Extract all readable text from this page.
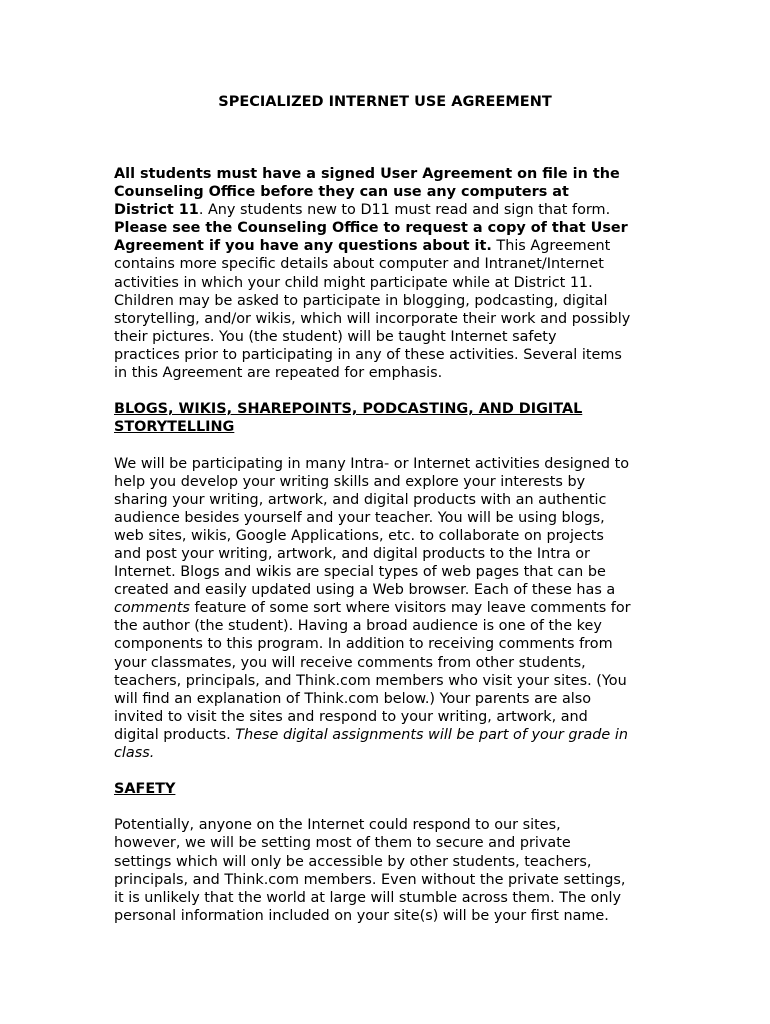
SPECIALIZED INTERNET USE AGREEMENT
All students must have a signed User Agreement on file in the
Counseling Office before they can use any computers at
District 11. Any students new to D11 must read and sign that form.
Please see the Counseling Office to request a copy of that User
Agreement if you have any questions about it. This Agreement
contains more specific details about computer and Intranet/Internet
activities in which your child might participate while at District 11.
Children may be asked to participate in blogging, podcasting, digital
storytelling, and/or wikis, which will incorporate their work and possibly
their pictures. You (the student) will be taught Internet safety
practices prior to participating in any of these activities. Several items
in this Agreement are repeated for emphasis.
BLOGS, WIKIS, SHAREPOINTS, PODCASTING, AND DIGITAL
STORYTELLING
We will be participating in many Intra- or Internet activities designed to
help you develop your writing skills and explore your interests by
sharing your writing, artwork, and digital products with an authentic
audience besides yourself and your teacher. You will be using blogs,
web sites, wikis, Google Applications, etc. to collaborate on projects
and post your writing, artwork, and digital products to the Intra or
Internet. Blogs and wikis are special types of web pages that can be
created and easily updated using a Web browser. Each of these has a
comments feature of some sort where visitors may leave comments for
the author (the student). Having a broad audience is one of the key
components to this program. In addition to receiving comments from
your classmates, you will receive comments from other students,
teachers, principals, and Think.com members who visit your sites. (You
will find an explanation of Think.com below.) Your parents are also
invited to visit the sites and respond to your writing, artwork, and
digital products. These digital assignments will be part of your grade in
class.
SAFETY
Potentially, anyone on the Internet could respond to our sites,
however, we will be setting most of them to secure and private
settings which will only be accessible by other students, teachers,
principals, and Think.com members. Even without the private settings,
it is unlikely that the world at large will stumble across them. The only
personal information included on your site(s) will be your first name.
